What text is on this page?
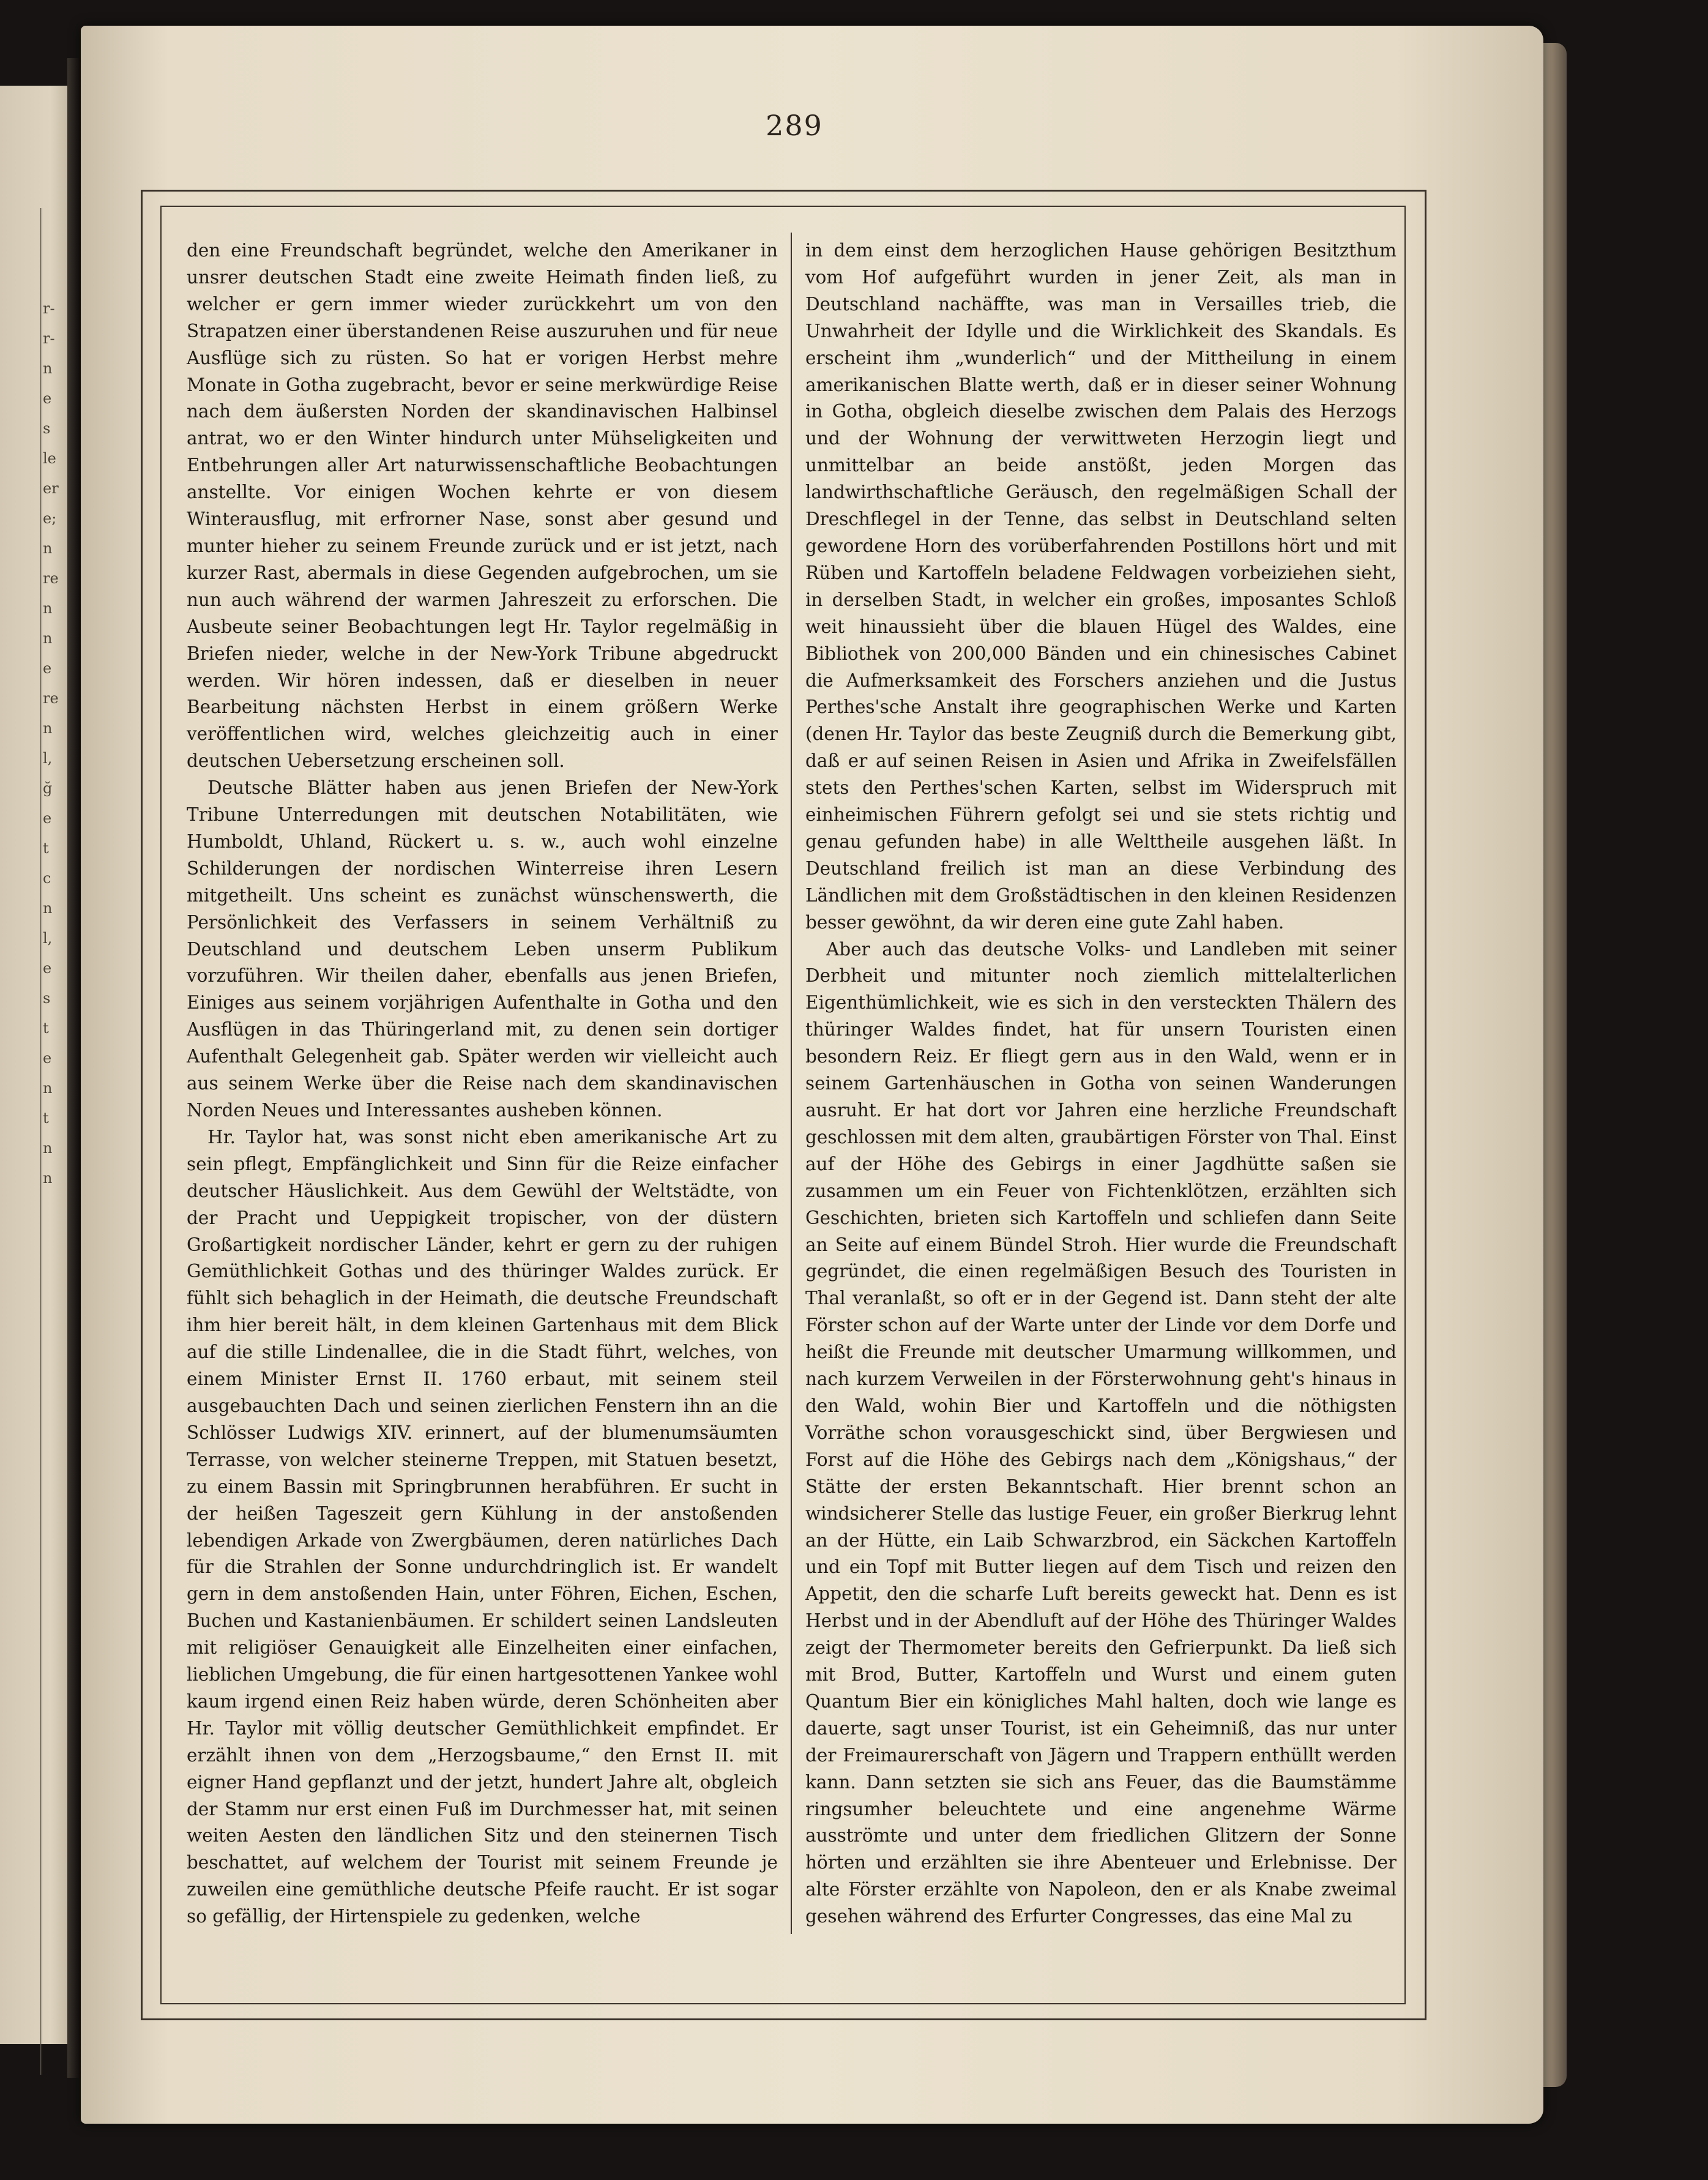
r-
r-
n
e
s
le
er
e;
n
re
n
n
e
re
n
l,
ğ
e
t
c
n
l,
e
s
t
e
n
t
n
n
289

den eine Freundschaft begründet, welche den Amerikaner in unsrer deutschen Stadt eine zweite Heimath finden ließ, zu welcher er gern immer wieder zurückkehrt um von den Strapatzen einer überstandenen Reise auszuruhen und für neue Ausflüge sich zu rüsten. So hat er vorigen Herbst mehre Monate in Gotha zugebracht, bevor er seine merkwürdige Reise nach dem äußersten Norden der skandinavischen Halbinsel antrat, wo er den Winter hindurch unter Mühseligkeiten und Entbehrungen aller Art naturwissenschaftliche Beobachtungen anstellte. Vor einigen Wochen kehrte er von diesem Winterausflug, mit erfrorner Nase, sonst aber gesund und munter hieher zu seinem Freunde zurück und er ist jetzt, nach kurzer Rast, abermals in diese Gegenden aufgebrochen, um sie nun auch während der warmen Jahreszeit zu erforschen. Die Ausbeute seiner Beobachtungen legt Hr. Taylor regelmäßig in Briefen nieder, welche in der New-York Tribune abgedruckt werden. Wir hören indessen, daß er dieselben in neuer Bearbeitung nächsten Herbst in einem größern Werke veröffentlichen wird, welches gleichzeitig auch in einer deutschen Uebersetzung erscheinen soll.

Deutsche Blätter haben aus jenen Briefen der New-York Tribune Unterredungen mit deutschen Notabilitäten, wie Humboldt, Uhland, Rückert u. s. w., auch wohl einzelne Schilderungen der nordischen Winterreise ihren Lesern mitgetheilt. Uns scheint es zunächst wünschenswerth, die Persönlichkeit des Verfassers in seinem Verhältniß zu Deutschland und deutschem Leben unserm Publikum vorzuführen. Wir theilen daher, ebenfalls aus jenen Briefen, Einiges aus seinem vorjährigen Aufenthalte in Gotha und den Ausflügen in das Thüringerland mit, zu denen sein dortiger Aufenthalt Gelegenheit gab. Später werden wir vielleicht auch aus seinem Werke über die Reise nach dem skandinavischen Norden Neues und Interessantes ausheben können.

Hr. Taylor hat, was sonst nicht eben amerikanische Art zu sein pflegt, Empfänglichkeit und Sinn für die Reize einfacher deutscher Häuslichkeit. Aus dem Gewühl der Weltstädte, von der Pracht und Ueppigkeit tropischer, von der düstern Großartigkeit nordischer Länder, kehrt er gern zu der ruhigen Gemüthlichkeit Gothas und des thüringer Waldes zurück. Er fühlt sich behaglich in der Heimath, die deutsche Freundschaft ihm hier bereit hält, in dem kleinen Gartenhaus mit dem Blick auf die stille Lindenallee, die in die Stadt führt, welches, von einem Minister Ernst II. 1760 erbaut, mit seinem steil ausgebauchten Dach und seinen zierlichen Fenstern ihn an die Schlösser Ludwigs XIV. erinnert, auf der blumenumsäumten Terrasse, von welcher steinerne Treppen, mit Statuen besetzt, zu einem Bassin mit Springbrunnen herabführen. Er sucht in der heißen Tageszeit gern Kühlung in der anstoßenden lebendigen Arkade von Zwergbäumen, deren natürliches Dach für die Strahlen der Sonne undurchdringlich ist. Er wandelt gern in dem anstoßenden Hain, unter Föhren, Eichen, Eschen, Buchen und Kastanienbäumen. Er schildert seinen Landsleuten mit religiöser Genauigkeit alle Einzelheiten einer einfachen, lieblichen Umgebung, die für einen hartgesottenen Yankee wohl kaum irgend einen Reiz haben würde, deren Schönheiten aber Hr. Taylor mit völlig deutscher Gemüthlichkeit empfindet. Er erzählt ihnen von dem „Herzogsbaume,“ den Ernst II. mit eigner Hand gepflanzt und der jetzt, hundert Jahre alt, obgleich der Stamm nur erst einen Fuß im Durchmesser hat, mit seinen weiten Aesten den ländlichen Sitz und den steinernen Tisch beschattet, auf welchem der Tourist mit seinem Freunde je zuweilen eine gemüthliche deutsche Pfeife raucht. Er ist sogar so gefällig, der Hirtenspiele zu gedenken, welche

in dem einst dem herzoglichen Hause gehörigen Besitzthum vom Hof aufgeführt wurden in jener Zeit, als man in Deutschland nachäffte, was man in Versailles trieb, die Unwahrheit der Idylle und die Wirklichkeit des Skandals. Es erscheint ihm „wunderlich“ und der Mittheilung in einem amerikanischen Blatte werth, daß er in dieser seiner Wohnung in Gotha, obgleich dieselbe zwischen dem Palais des Herzogs und der Wohnung der verwittweten Herzogin liegt und unmittelbar an beide anstößt, jeden Morgen das landwirthschaftliche Geräusch, den regelmäßigen Schall der Dreschflegel in der Tenne, das selbst in Deutschland selten gewordene Horn des vorüberfahrenden Postillons hört und mit Rüben und Kartoffeln beladene Feldwagen vorbeiziehen sieht, in derselben Stadt, in welcher ein großes, imposantes Schloß weit hinaussieht über die blauen Hügel des Waldes, eine Bibliothek von 200,000 Bänden und ein chinesisches Cabinet die Aufmerksamkeit des Forschers anziehen und die Justus Perthes'sche Anstalt ihre geographischen Werke und Karten (denen Hr. Taylor das beste Zeugniß durch die Bemerkung gibt, daß er auf seinen Reisen in Asien und Afrika in Zweifelsfällen stets den Perthes'schen Karten, selbst im Widerspruch mit einheimischen Führern gefolgt sei und sie stets richtig und genau gefunden habe) in alle Welttheile ausgehen läßt. In Deutschland freilich ist man an diese Verbindung des Ländlichen mit dem Großstädtischen in den kleinen Residenzen besser gewöhnt, da wir deren eine gute Zahl haben.

Aber auch das deutsche Volks- und Landleben mit seiner Derbheit und mitunter noch ziemlich mittelalterlichen Eigenthümlichkeit, wie es sich in den versteckten Thälern des thüringer Waldes findet, hat für unsern Touristen einen besondern Reiz. Er fliegt gern aus in den Wald, wenn er in seinem Gartenhäuschen in Gotha von seinen Wanderungen ausruht. Er hat dort vor Jahren eine herzliche Freundschaft geschlossen mit dem alten, graubärtigen Förster von Thal. Einst auf der Höhe des Gebirgs in einer Jagdhütte saßen sie zusammen um ein Feuer von Fichtenklötzen, erzählten sich Geschichten, brieten sich Kartoffeln und schliefen dann Seite an Seite auf einem Bündel Stroh. Hier wurde die Freundschaft gegründet, die einen regelmäßigen Besuch des Touristen in Thal veranlaßt, so oft er in der Gegend ist. Dann steht der alte Förster schon auf der Warte unter der Linde vor dem Dorfe und heißt die Freunde mit deutscher Umarmung willkommen, und nach kurzem Verweilen in der Försterwohnung geht's hinaus in den Wald, wohin Bier und Kartoffeln und die nöthigsten Vorräthe schon vorausgeschickt sind, über Bergwiesen und Forst auf die Höhe des Gebirgs nach dem „Königshaus,“ der Stätte der ersten Bekanntschaft. Hier brennt schon an windsicherer Stelle das lustige Feuer, ein großer Bierkrug lehnt an der Hütte, ein Laib Schwarzbrod, ein Säckchen Kartoffeln und ein Topf mit Butter liegen auf dem Tisch und reizen den Appetit, den die scharfe Luft bereits geweckt hat. Denn es ist Herbst und in der Abendluft auf der Höhe des Thüringer Waldes zeigt der Thermometer bereits den Gefrierpunkt. Da ließ sich mit Brod, Butter, Kartoffeln und Wurst und einem guten Quantum Bier ein königliches Mahl halten, doch wie lange es dauerte, sagt unser Tourist, ist ein Geheimniß, das nur unter der Freimaurerschaft von Jägern und Trappern enthüllt werden kann. Dann setzten sie sich ans Feuer, das die Baumstämme ringsumher beleuchtete und eine angenehme Wärme ausströmte und unter dem friedlichen Glitzern der Sonne hörten und erzählten sie ihre Abenteuer und Erlebnisse. Der alte Förster erzählte von Napoleon, den er als Knabe zweimal gesehen während des Erfurter Congresses, das eine Mal zu
